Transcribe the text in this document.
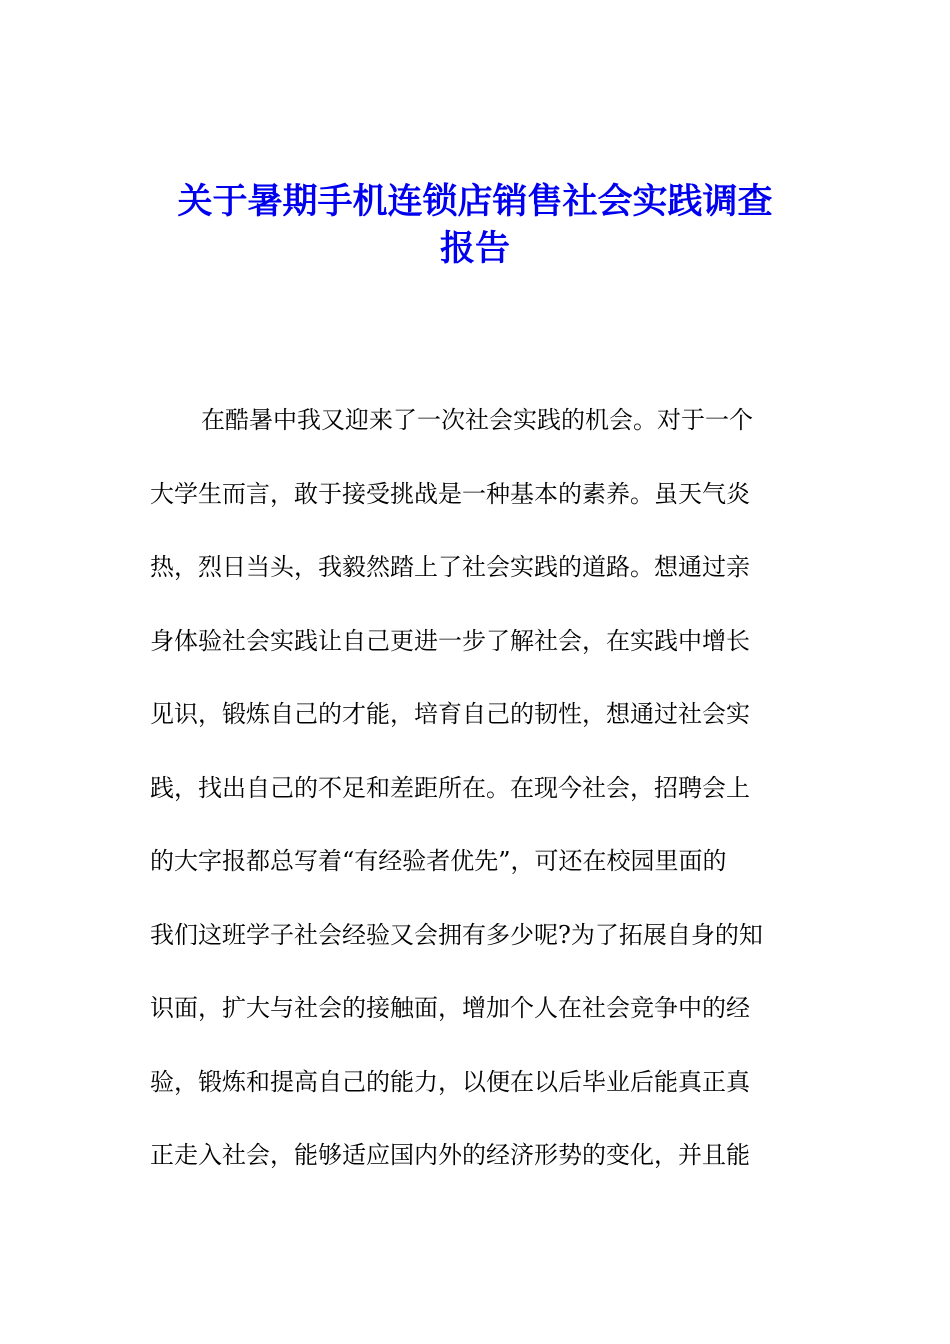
关于暑期手机连锁店销售社会实践调查
报告
在酷暑中我又迎来了一次社会实践的机会。对于一个
大学生而言，敢于接受挑战是一种基本的素养。虽天气炎
热，烈日当头，我毅然踏上了社会实践的道路。想通过亲
身体验社会实践让自己更进一步了解社会，在实践中增长
见识，锻炼自己的才能，培育自己的韧性，想通过社会实
践，找出自己的不足和差距所在。在现今社会，招聘会上
的大字报都总写着“有经验者优先”，可还在校园里面的
我们这班学子社会经验又会拥有多少呢?为了拓展自身的知
识面，扩大与社会的接触面，增加个人在社会竞争中的经
验，锻炼和提高自己的能力，以便在以后毕业后能真正真
正走入社会，能够适应国内外的经济形势的变化，并且能
